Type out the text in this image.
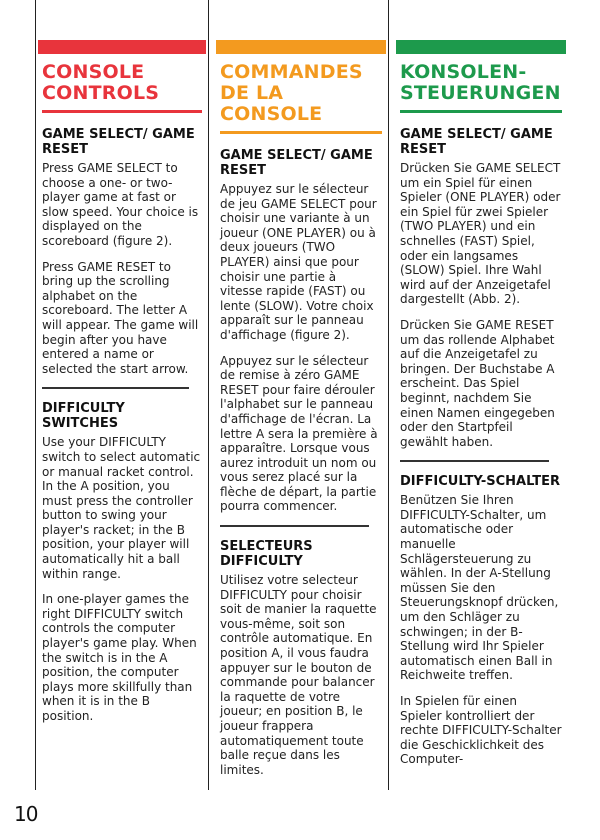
CONSOLE CONTROLS
GAME SELECT/ GAME RESET

Press GAME SELECT to choose a one- or two-player game at fast or slow speed. Your choice is displayed on the scoreboard (figure 2).

Press GAME RESET to bring up the scrolling alphabet on the scoreboard. The letter A will appear. The game will begin after you have entered a name or selected the start arrow.

DIFFICULTY SWITCHES

Use your DIFFICULTY switch to select automatic or manual racket control. In the A position, you must press the controller button to swing your player's racket; in the B position, your player will automatically hit a ball within range.

In one-player games the right DIFFICULTY switch controls the computer player's game play. When the switch is in the A position, the computer plays more skillfully than when it is in the B position.

COMMANDES DE LA CONSOLE
GAME SELECT/ GAME RESET

Appuyez sur le sélecteur de jeu GAME SELECT pour choisir une variante à un joueur (ONE PLAYER) ou à deux joueurs (TWO PLAYER) ainsi que pour choisir une partie à vitesse rapide (FAST) ou lente (SLOW). Votre choix apparaît sur le panneau d'affichage (figure 2).

Appuyez sur le sélecteur de remise à zéro GAME RESET pour faire dérouler l'alphabet sur le panneau d'affichage de l'écran. La lettre A sera la première à apparaître. Lorsque vous aurez introduit un nom ou vous serez placé sur la flèche de départ, la partie pourra commencer.

SELECTEURS DIFFICULTY

Utilisez votre selecteur DIFFICULTY pour choisir soit de manier la raquette vous-même, soit son contrôle automatique. En position A, il vous faudra appuyer sur le bouton de commande pour balancer la raquette de votre joueur; en position B, le joueur frappera automatiquement toute balle reçue dans les limites.

KONSOLEN-STEUERUNGEN
GAME SELECT/ GAME RESET

Drücken Sie GAME SELECT um ein Spiel für einen Spieler (ONE PLAYER) oder ein Spiel für zwei Spieler (TWO PLAYER) und ein schnelles (FAST) Spiel, oder ein langsames (SLOW) Spiel. Ihre Wahl wird auf der Anzeigetafel dargestellt (Abb. 2).

Drücken Sie GAME RESET um das rollende Alphabet auf die Anzeigetafel zu bringen. Der Buchstabe A erscheint. Das Spiel beginnt, nachdem Sie einen Namen eingegeben oder den Startpfeil gewählt haben.

DIFFICULTY-SCHALTER

Benützen Sie Ihren DIFFICULTY-Schalter, um automatische oder manuelle Schlägersteuerung zu wählen. In der A-Stellung müssen Sie den Steuerungsknopf drücken, um den Schläger zu schwingen; in der B-Stellung wird Ihr Spieler automatisch einen Ball in Reichweite treffen.

In Spielen für einen Spieler kontrolliert der rechte DIFFICULTY-Schalter die Geschicklichkeit des Computer-

10
